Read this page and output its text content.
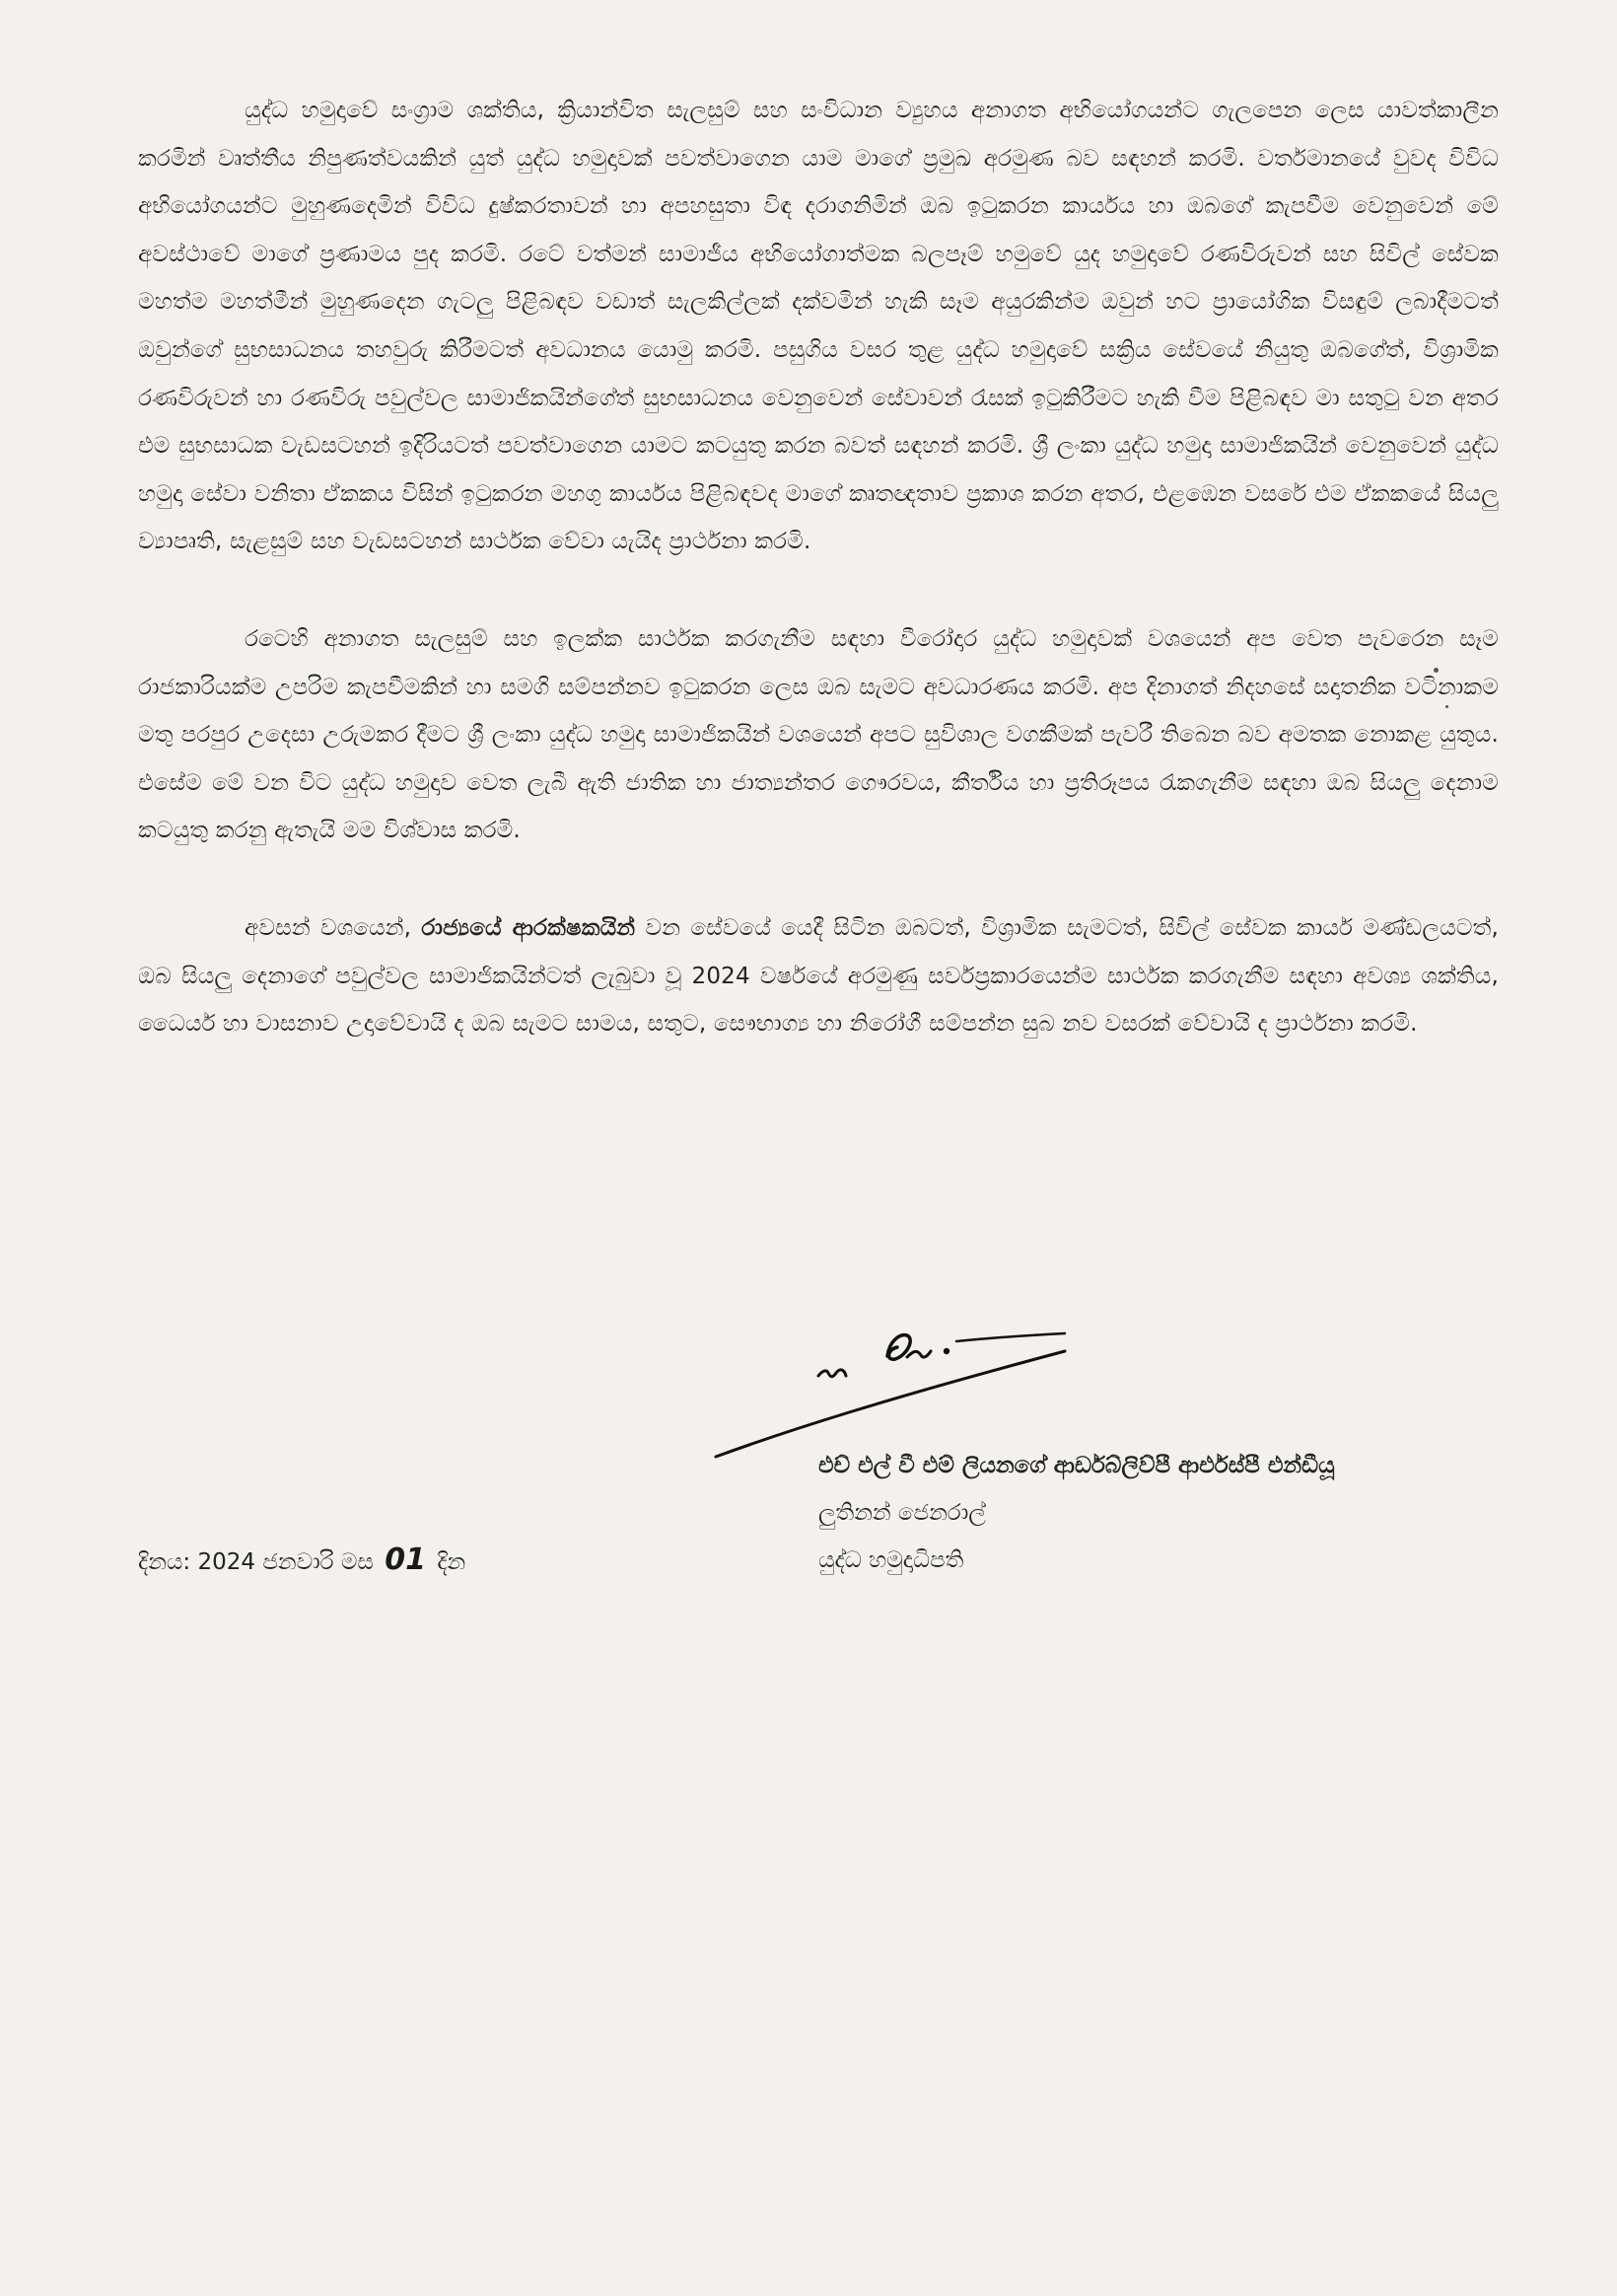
යුද්ධ හමුදාවේ සංග්‍රාම ශක්තිය, ක්‍රියාන්විත සැලසුම් සහ සංවිධාන ව්‍යුහය අනාගත අභියෝගයන්ට ගැලපෙන ලෙස යාවත්කාලීන කරමින් වෘත්තීය නිපුණත්වයකින් යුත් යුද්ධ හමුදාවක් පවත්වාගෙන යාම මාගේ ප්‍රමුඛ අරමුණ බව සඳහන් කරමි. වර්තමානයේ වුවද විවිධ අභියෝගයන්ට මුහුණදෙමින් විවිධ දුෂ්කරතාවන් හා අපහසුතා විඳ දරාගනිමින් ඔබ ඉටුකරන කාර්යය හා ඔබගේ කැපවීම වෙනුවෙන් මේ අවස්ථාවේ මාගේ ප්‍රණාමය පුද කරමි. රටේ වත්මන් සාමාජීය අභියෝගාත්මක බලපෑම් හමුවේ යුද හමුදාවේ රණවිරුවන් සහ සිවිල් සේවක මහත්ම මහත්මීන් මුහුණදෙන ගැටලු පිළිබඳව වඩාත් සැලකිල්ලක් දක්වමින් හැකි සෑම අයුරකින්ම ඔවුන් හට ප්‍රායෝගික විසඳුම් ලබාදීමටත් ඔවුන්ගේ සුභසාධනය තහවුරු කිරීමටත් අවධානය යොමු කරමි. පසුගිය වසර තුළ යුද්ධ හමුදාවේ සක්‍රිය සේවයේ නියුතු ඔබගේත්, විශ්‍රාමික රණවිරුවන් හා රණවිරු පවුල්වල සාමාජිකයින්ගේත් සුභසාධනය වෙනුවෙන් සේවාවන් රැසක් ඉටුකිරීමට හැකි වීම පිළිබඳව මා සතුටු වන අතර එම සුභසාධක වැඩසටහන් ඉදිරියටත් පවත්වාගෙන යාමට කටයුතු කරන බවත් සඳහන් කරමි. ශ්‍රී ලංකා යුද්ධ හමුදා සාමාජිකයින් වෙනුවෙන් යුද්ධ හමුදා සේවා වනිතා ඒකකය විසින් ඉටුකරන මහගු කාර්යය පිළිබඳවද මාගේ කෘතඥතාව ප්‍රකාශ කරන අතර, එළඹෙන වසරේ එම ඒකකයේ සියලු ව්‍යාපෘති, සැළසුම් සහ වැඩසටහන් සාර්ථක වේවා යැයිද ප්‍රාර්ථනා කරමි.

රටෙහි අනාගත සැලසුම් සහ ඉලක්ක සාර්ථක කරගැනීම සඳහා වීරෝදාර යුද්ධ හමුදාවක් වශයෙන් අප වෙත පැවරෙන සෑම රාජකාරියක්ම උපරිම කැපවීමකින් හා සමගි සම්පන්නව ඉටුකරන ලෙස ඔබ සැමට අවධාරණය කරමි. අප දිනාගත් නිදහසේ සදාතනික වටිනාකම මතු පරපුර උදෙසා උරුමකර දීමට ශ්‍රී ලංකා යුද්ධ හමුදා සාමාජිකයින් වශයෙන් අපට සුවිශාල වගකීමක් පැවරී තිබෙන බව අමතක නොකළ යුතුය. එසේම මේ වන විට යුද්ධ හමුදාව වෙත ලැබී ඇති ජාතික හා ජාත්‍යන්තර ගෞරවය, කීර්තිය හා ප්‍රතිරූපය රැකගැනීම සඳහා ඔබ සියලු දෙනාම කටයුතු කරනු ඇතැයි මම විශ්වාස කරමි.

අවසන් වශයෙන්, රාජ්‍යයේ ආරක්ෂකයින් වන සේවයේ යෙදී සිටින ඔබටත්, විශ්‍රාමික සැමටත්, සිවිල් සේවක කාර්ය මණ්ඩලයටත්, ඔබ සියලු දෙනාගේ පවුල්වල සාමාජිකයින්ටත් ලැබුවා වූ 2024 වර්ෂයේ අරමුණු සර්වප්‍රකාරයෙන්ම සාර්ථක කරගැනීම සඳහා අවශ්‍ය ශක්තිය, ධෛර්ය හා වාසනාව උදාවේවායි ද ඔබ සැමට සාමය, සතුට, සෞභාග්‍ය හා නිරෝගී සම්පන්න සුබ නව වසරක් වේවායි ද ප්‍රාර්ථනා කරමි.

එච් එල් වී එම් ලියනගේ ආර්ඩබ්ලිව්පී ආර්එස්පී එන්ඩීයූ
ලුතිනන් ජෙනරාල්
යුද්ධ හමුදාධිපති
දිනය: 2024 ජනවාරි මස 01 දින
